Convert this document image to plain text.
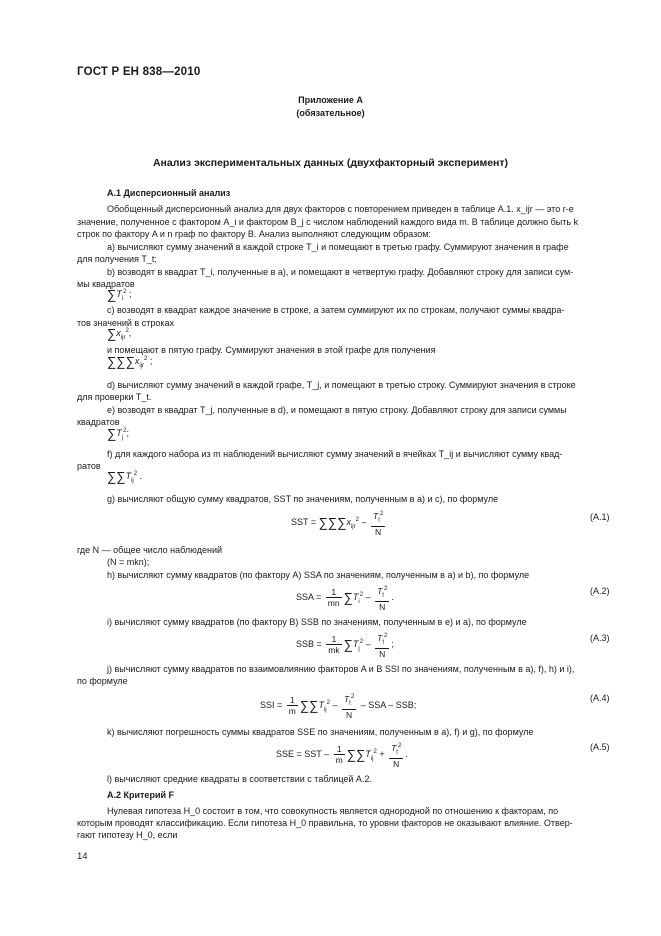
ГОСТ Р ЕН 838—2010
Приложение А
(обязательное)
Анализ экспериментальных данных (двухфакторный эксперимент)
А.1 Дисперсионный анализ
Обобщенный дисперсионный анализ для двух факторов с повторением приведен в таблице А.1. x_ijr — это r-е
значение, полученное с фактором A_i и фактором B_j с числом наблюдений каждого вида m. В таблице должно быть k
строк по фактору A и n граф по фактору B. Анализ выполняют следующим образом:
а) вычисляют сумму значений в каждой строке T_i и помещают в третью графу. Суммируют значения в графе
для получения T_t;
b) возводят в квадрат T_i, полученные в а), и помещают в четвертую графу. Добавляют строку для записи сум-
мы квадратов
$\sum T_i^2$ ;
с) возводят в квадрат каждое значение в строке, а затем суммируют их по строкам, получают суммы квадра-
тов значений в строках
$\sum x_{ijr}^2$,
и помещают в пятую графу. Суммируют значения в этой графе для получения
$\sum\sum\sum x_{ijr}^2$ ;
d) вычисляют сумму значений в каждой графе, T_j, и помещают в третью строку. Суммируют значения в строке
для проверки T_t.
е) возводят в квадрат T_j, полученные в d), и помещают в пятую строку. Добавляют строку для записи суммы
квадратов
$\sum T_j^2$;
f) для каждого набора из m наблюдений вычисляют сумму значений в ячейках T_ij и вычисляют сумму квад-
ратов
$\sum\sum T_{ij}^2$ .
g) вычисляют общую сумму квадратов, SST по значениям, полученным в а) и с), по формуле
SST = $\sum\sum\sum x_{ijr}^2 - \frac{T_t^2}{N}$	(А.1)
где N — общее число наблюдений
(N = mkn);
h) вычисляют сумму квадратов (по фактору A) SSA по значениям, полученным в а) и b), по формуле
SSA = $\frac{1}{mn} \sum T_i^2 - \frac{T_t^2}{N}$ .
(А.2)
i) вычисляют сумму квадратов (по фактору B) SSB по значениям, полученным в е) и а), по формуле
SSB = $\frac{1}{mk} \sum T_j^2 - \frac{T_t^2}{N}$ ;
(А.3)
j) вычисляют сумму квадратов по взаимовлиянию факторов A и B SSI по значениям, полученным в а), f), h) и i),
по формуле
SSI = $\frac{1}{m} \sum\sum T_{ij}^2 - \frac{T_t^2}{N}$ – SSA – SSB;
(А.4)
k) вычисляют погрешность суммы квадратов SSE по значениям, полученным в а), f) и g), по формуле
SSE = SST – $\frac{1}{m} \sum\sum T_{ij}^2 + \frac{T_t^2}{N}$ .
(А.5)
l) вычисляют средние квадраты в соответствии с таблицей А.2.
А.2 Критерий F
Нулевая гипотеза H_0 состоит в том, что совокупность является однородной по отношению к факторам, по
которым проводят классификацию. Если гипотеза H_0 правильна, то уровни факторов не оказывают влияние. Отвер-
гают гипотезу H_0, если
14
